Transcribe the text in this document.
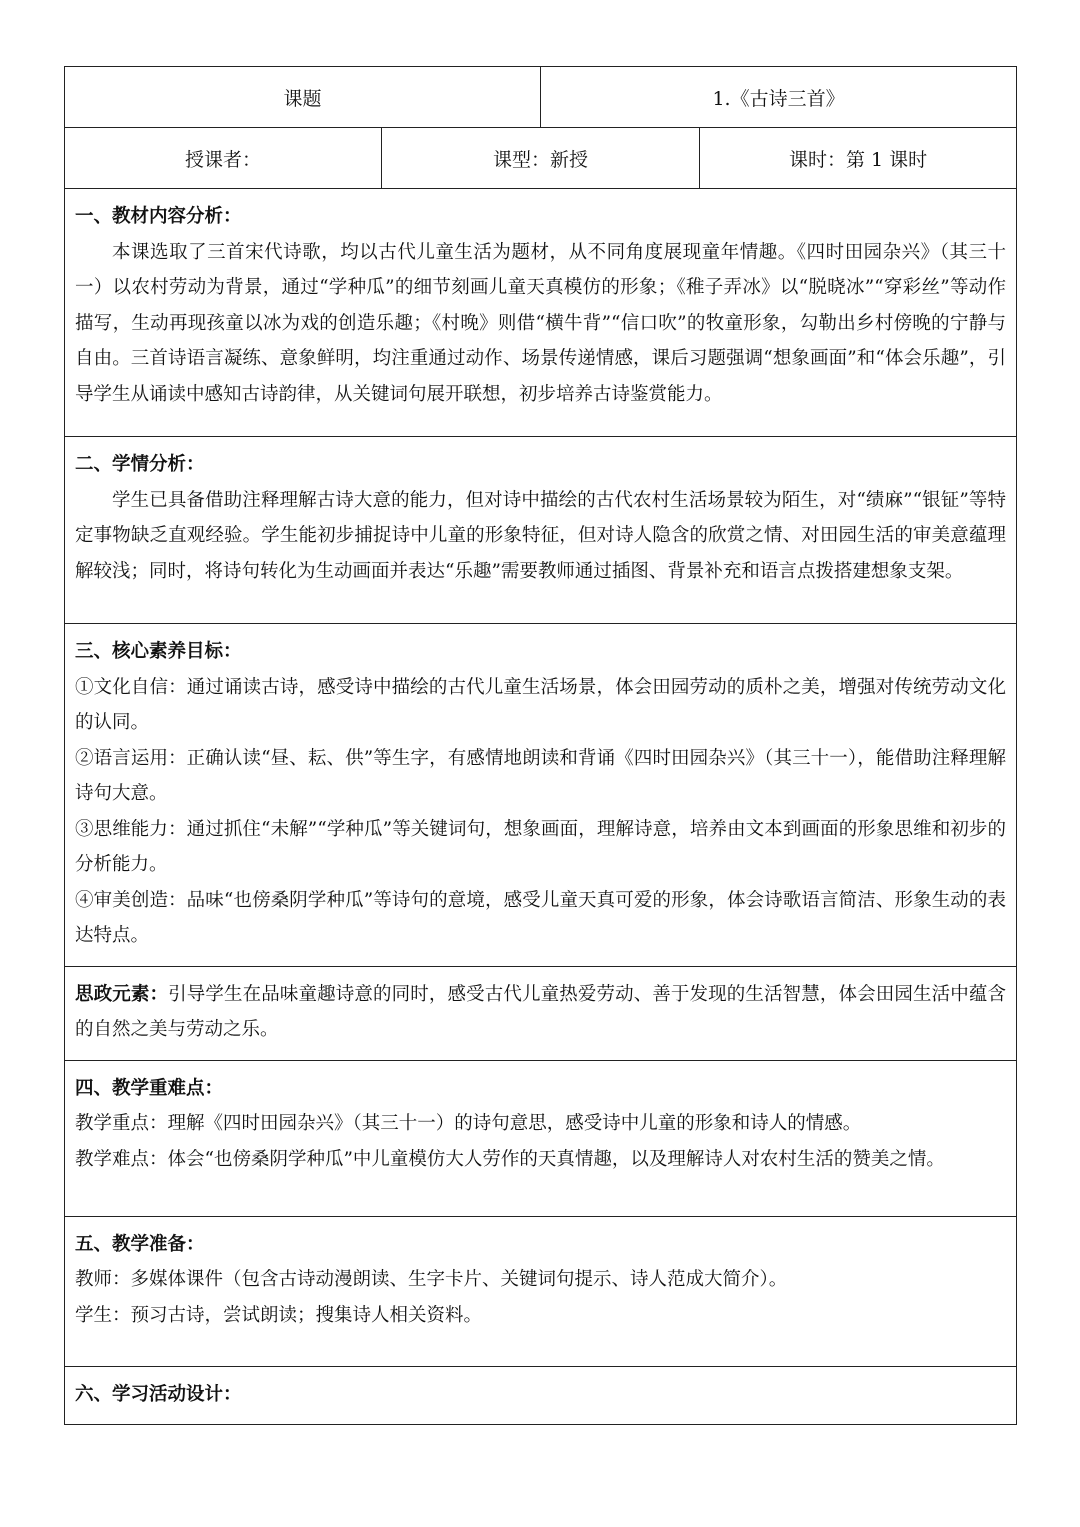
课题		1.《古诗三首》	
授课者：	课型：新授		课时：第 1 课时

一、教材内容分析：

本课选取了三首宋代诗歌，均以古代儿童生活为题材，从不同角度展现童年情趣。《四时田园杂兴》（其三十一）以农村劳动为背景，通过“学种瓜”的细节刻画儿童天真模仿的形象；《稚子弄冰》以“脱晓冰”“穿彩丝”等动作描写，生动再现孩童以冰为戏的创造乐趣；《村晚》则借“横牛背”“信口吹”的牧童形象，勾勒出乡村傍晚的宁静与自由。三首诗语言凝练、意象鲜明，均注重通过动作、场景传递情感，课后习题强调“想象画面”和“体会乐趣”，引导学生从诵读中感知古诗韵律，从关键词句展开联想，初步培养古诗鉴赏能力。			

二、学情分析：

学生已具备借助注释理解古诗大意的能力，但对诗中描绘的古代农村生活场景较为陌生，对“绩麻”“银钲”等特定事物缺乏直观经验。学生能初步捕捉诗中儿童的形象特征，但对诗人隐含的欣赏之情、对田园生活的审美意蕴理解较浅；同时，将诗句转化为生动画面并表达“乐趣”需要教师通过插图、背景补充和语言点拨搭建想象支架。			

三、核心素养目标：

①文化自信：通过诵读古诗，感受诗中描绘的古代儿童生活场景，体会田园劳动的质朴之美，增强对传统劳动文化的认同。

②语言运用：正确认读“昼、耘、供”等生字，有感情地朗读和背诵《四时田园杂兴》（其三十一），能借助注释理解诗句大意。

③思维能力：通过抓住“未解”“学种瓜”等关键词句，想象画面，理解诗意，培养由文本到画面的形象思维和初步的分析能力。

④审美创造：品味“也傍桑阴学种瓜”等诗句的意境，感受儿童天真可爱的形象，体会诗歌语言简洁、形象生动的表达特点。			

思政元素：引导学生在品味童趣诗意的同时，感受古代儿童热爱劳动、善于发现的生活智慧，体会田园生活中蕴含的自然之美与劳动之乐。			

四、教学重难点：

教学重点：理解《四时田园杂兴》（其三十一）的诗句意思，感受诗中儿童的形象和诗人的情感。

教学难点：体会“也傍桑阴学种瓜”中儿童模仿大人劳作的天真情趣，以及理解诗人对农村生活的赞美之情。			

五、教学准备：

教师：多媒体课件（包含古诗动漫朗读、生字卡片、关键词句提示、诗人范成大简介）。

学生：预习古诗，尝试朗读；搜集诗人相关资料。			

六、学习活动设计：			
